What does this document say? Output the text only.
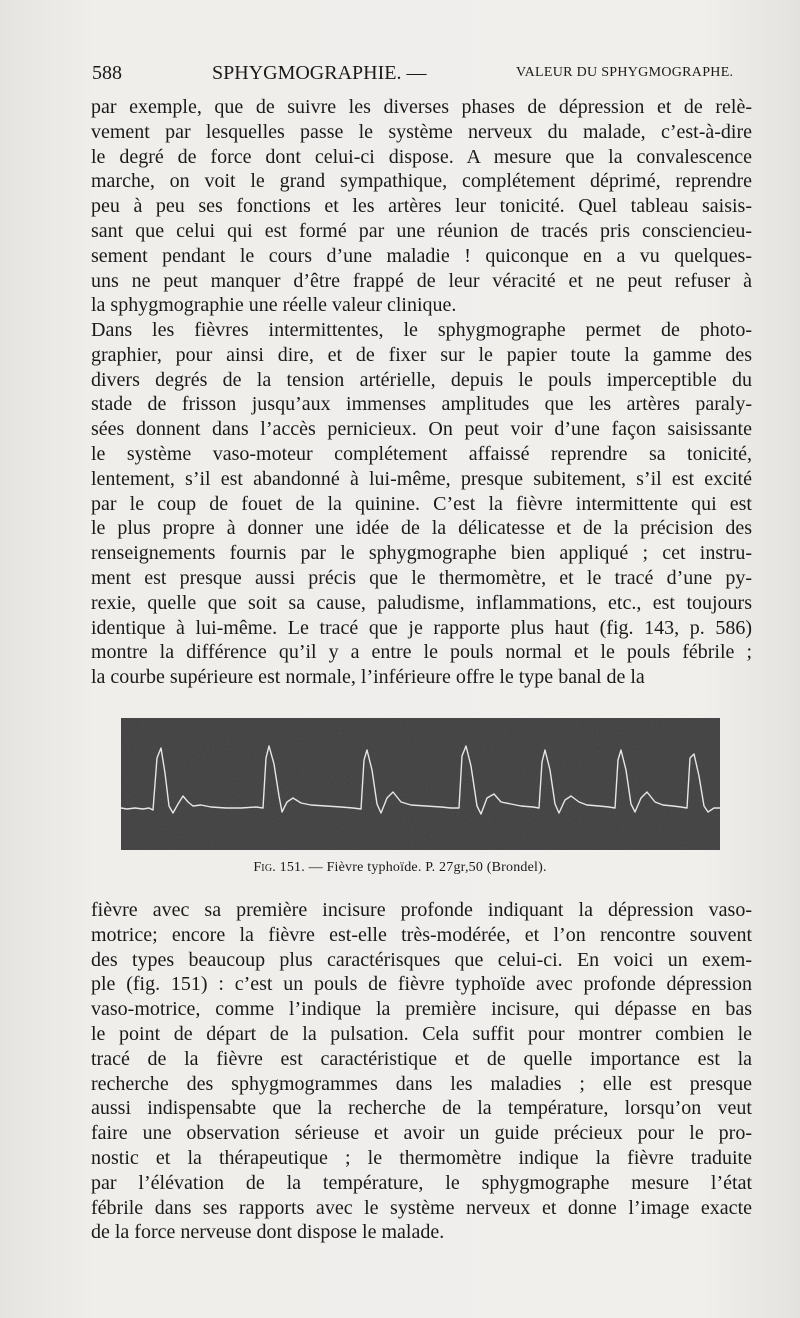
588	SPHYGMOGRAPHIE. —	VALEUR DU SPHYGMOGRAPHE.
par exemple, que de suivre les diverses phases de dépression et de relè-
vement par lesquelles passe le système nerveux du malade, c’est-à-dire
le degré de force dont celui-ci dispose. A mesure que la convalescence
marche, on voit le grand sympathique, complétement déprimé, reprendre
peu à peu ses fonctions et les artères leur tonicité. Quel tableau saisis-
sant que celui qui est formé par une réunion de tracés pris consciencieu-
sement pendant le cours d’une maladie ! quiconque en a vu quelques-
uns ne peut manquer d’être frappé de leur véracité et ne peut refuser à
la sphygmographie une réelle valeur clinique.
Dans les fièvres intermittentes, le sphygmographe permet de photo-
graphier, pour ainsi dire, et de fixer sur le papier toute la gamme des
divers degrés de la tension artérielle, depuis le pouls imperceptible du
stade de frisson jusqu’aux immenses amplitudes que les artères paraly-
sées donnent dans l’accès pernicieux. On peut voir d’une façon saisissante
le système vaso-moteur complétement affaissé reprendre sa tonicité,
lentement, s’il est abandonné à lui-même, presque subitement, s’il est excité
par le coup de fouet de la quinine. C’est la fièvre intermittente qui est
le plus propre à donner une idée de la délicatesse et de la précision des
renseignements fournis par le sphygmographe bien appliqué ; cet instru-
ment est presque aussi précis que le thermomètre, et le tracé d’une py-
rexie, quelle que soit sa cause, paludisme, inflammations, etc., est toujours
identique à lui-même. Le tracé que je rapporte plus haut (fig. 143, p. 586)
montre la différence qu’il y a entre le pouls normal et le pouls fébrile ;
la courbe supérieure est normale, l’inférieure offre le type banal de la
Fig. 151. — Fièvre typhoïde. P. 27gr,50 (Brondel).
fièvre avec sa première incisure profonde indiquant la dépression vaso-
motrice; encore la fièvre est-elle très-modérée, et l’on rencontre souvent
des types beaucoup plus caractérisques que celui-ci. En voici un exem-
ple (fig. 151) : c’est un pouls de fièvre typhoïde avec profonde dépression
vaso-motrice, comme l’indique la première incisure, qui dépasse en bas
le point de départ de la pulsation. Cela suffit pour montrer combien le
tracé de la fièvre est caractéristique et de quelle importance est la
recherche des sphygmogrammes dans les maladies ; elle est presque
aussi indispensabte que la recherche de la température, lorsqu’on veut
faire une observation sérieuse et avoir un guide précieux pour le pro-
nostic et la thérapeutique ; le thermomètre indique la fièvre traduite
par l’élévation de la température, le sphygmographe mesure l’état
fébrile dans ses rapports avec le système nerveux et donne l’image exacte
de la force nerveuse dont dispose le malade.
